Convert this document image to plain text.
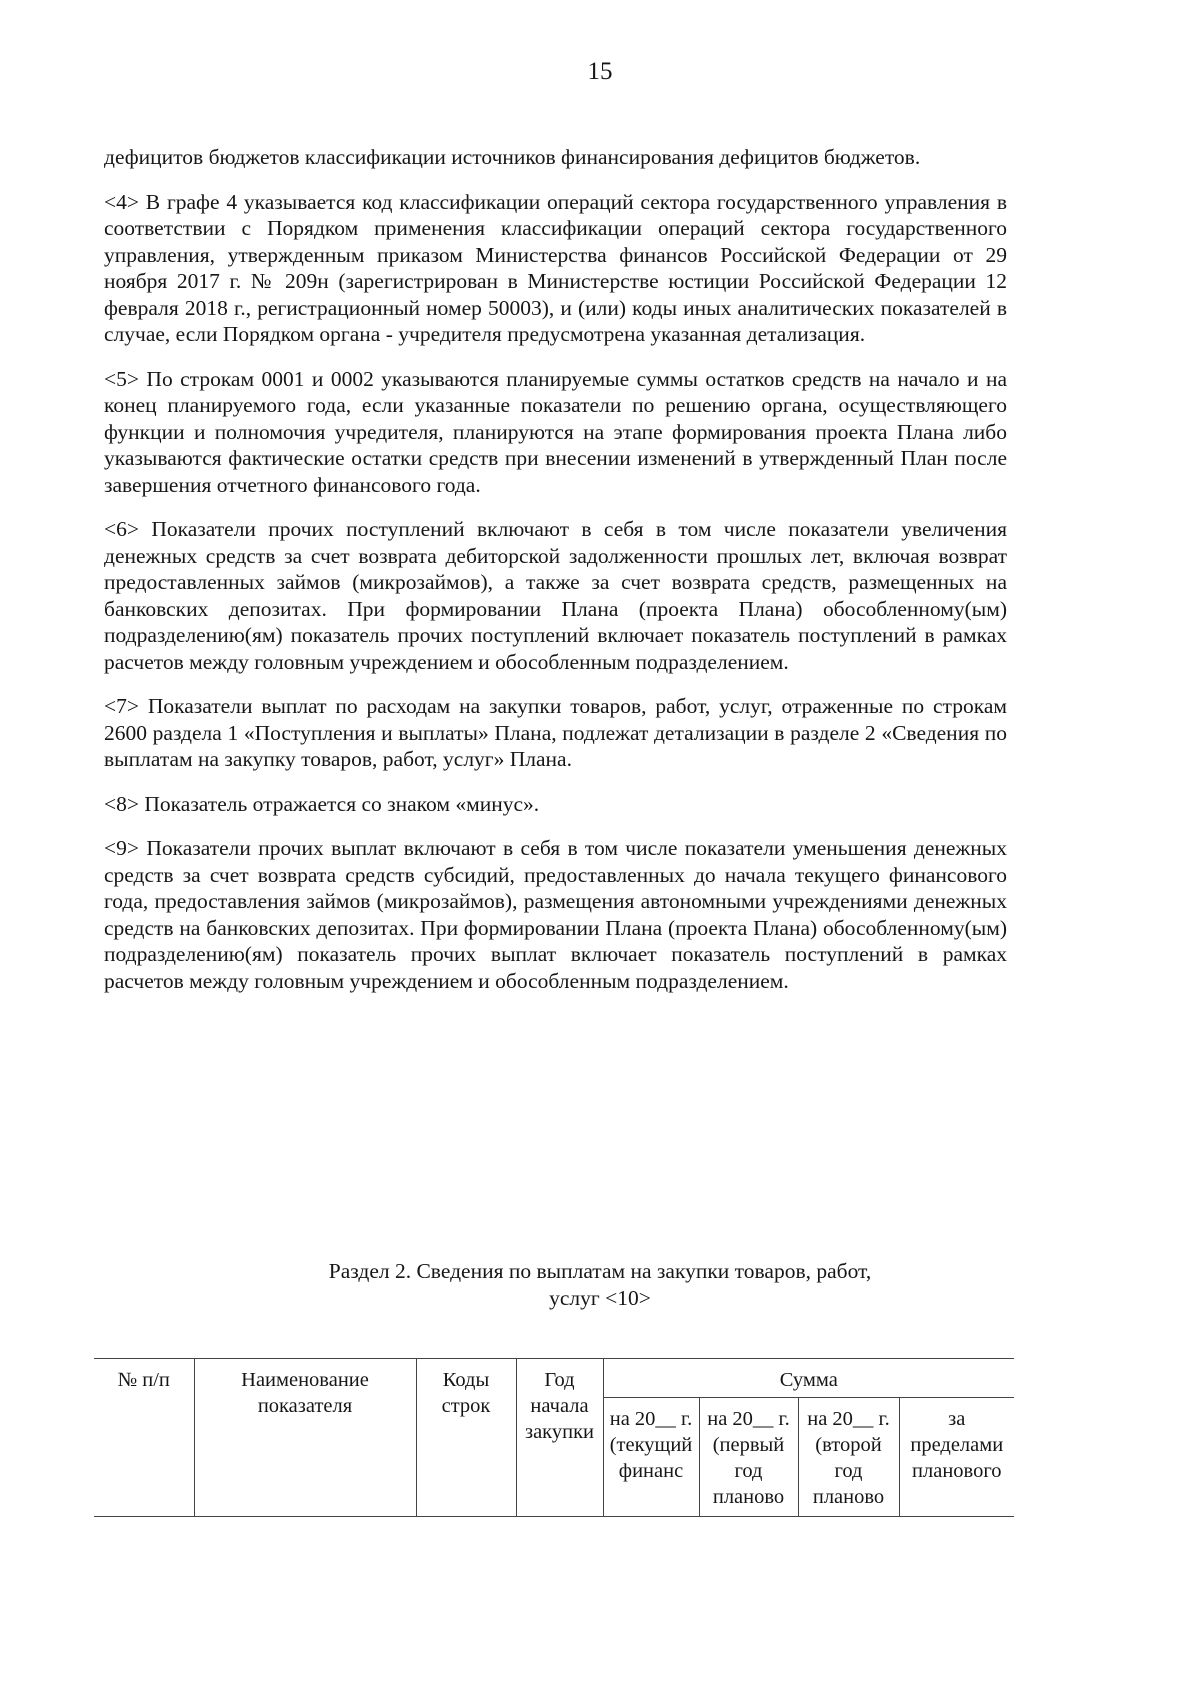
15

дефицитов бюджетов классификации источников финансирования дефицитов бюджетов.

<4> В графе 4 указывается код классификации операций сектора государственного управления в соответствии с Порядком применения классификации операций сектора государственного управления, утвержденным приказом Министерства финансов Российской Федерации от 29 ноября 2017 г. № 209н (зарегистрирован в Министерстве юстиции Российской Федерации 12 февраля 2018 г., регистрационный номер 50003), и (или) коды иных аналитических показателей в случае, если Порядком органа - учредителя предусмотрена указанная детализация.

<5> По строкам 0001 и 0002 указываются планируемые суммы остатков средств на начало и на конец планируемого года, если указанные показатели по решению органа, осуществляющего функции и полномочия учредителя, планируются на этапе формирования проекта Плана либо указываются фактические остатки средств при внесении изменений в утвержденный План после завершения отчетного финансового года.

<6> Показатели прочих поступлений включают в себя в том числе показатели увеличения денежных средств за счет возврата дебиторской задолженности прошлых лет, включая возврат предоставленных займов (микрозаймов), а также за счет возврата средств, размещенных на банковских депозитах. При формировании Плана (проекта Плана) обособленному(ым) подразделению(ям) показатель прочих поступлений включает показатель поступлений в рамках расчетов между головным учреждением и обособленным подразделением.

<7> Показатели выплат по расходам на закупки товаров, работ, услуг, отраженные по строкам 2600 раздела 1 «Поступления и выплаты» Плана, подлежат детализации в разделе 2 «Сведения по выплатам на закупку товаров, работ, услуг» Плана.

<8> Показатель отражается со знаком «минус».

<9> Показатели прочих выплат включают в себя в том числе показатели уменьшения денежных средств за счет возврата средств субсидий, предоставленных до начала текущего финансового года, предоставления займов (микрозаймов), размещения автономными учреждениями денежных средств на банковских депозитах. При формировании Плана (проекта Плана) обособленному(ым) подразделению(ям) показатель прочих выплат включает показатель поступлений в рамках расчетов между головным учреждением и обособленным подразделением.

Раздел 2. Сведения по выплатам на закупки товаров, работ,
услуг <10>
№ п/п	Наименование показателя	Коды строк	Год начала закупки	Сумма			
				на 20__ г. (текущий финанс	на 20__ г. (первый год планово	на 20__ г. (второй год планово	за пределами планового
